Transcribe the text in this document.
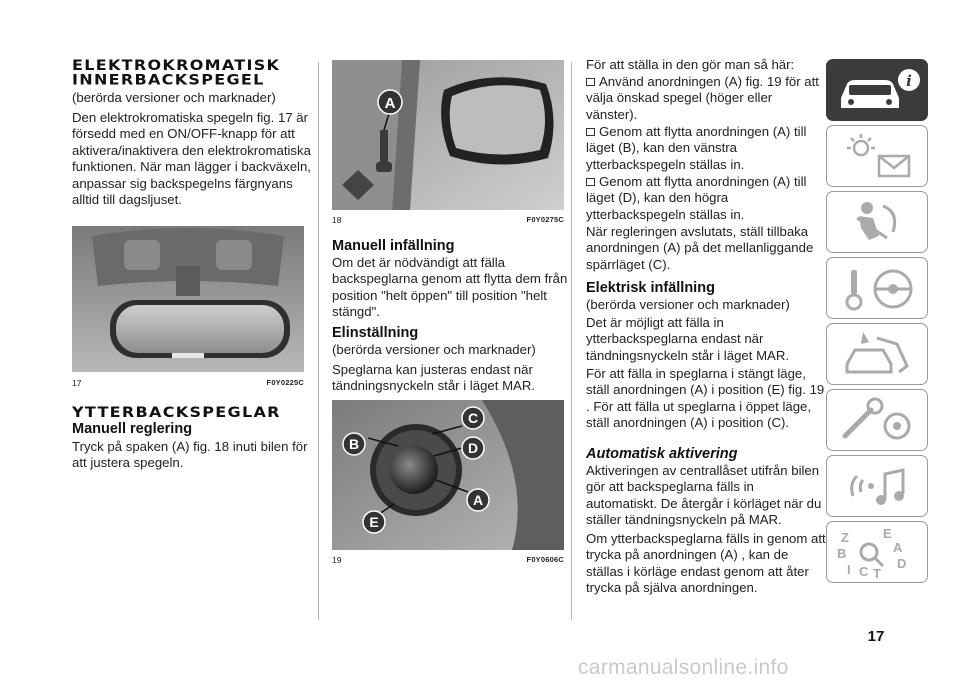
ELEKTROKROMATISK INNERBACKSPEGEL
(berörda versioner och marknader)
Den elektrokromatiska spegeln fig. 17 är försedd med en ON/OFF-knapp för att aktivera/inaktivera den elektrokromatiska funktionen. När man lägger i backväxeln, anpassar sig backspegelns färgnyans alltid till dagsljuset.
17	F0Y0225C
YTTERBACKSPEGLAR
Manuell reglering
Tryck på spaken (A) fig. 18 inuti bilen för att justera spegeln.
A
18	F0Y0275C
Manuell infällning
Om det är nödvändigt att fälla backspeglarna genom att flytta dem från position "helt öppen" till position "helt stängd".
Elinställning
(berörda versioner och marknader)
Speglarna kan justeras endast när tändningsnyckeln står i läget MAR.
B
C
D
A
E
19	F0Y0606C
För att ställa in den gör man så här:
Använd anordningen (A) fig. 19 för att välja önskad spegel (höger eller vänster).
Genom att flytta anordningen (A) till läget (B), kan den vänstra ytterbackspegeln ställas in.
Genom att flytta anordningen (A) till läget (D), kan den högra ytterbackspegeln ställas in.
När regleringen avslutats, ställ tillbaka anordningen (A) på det mellanliggande spärrläget (C).
Elektrisk infällning
(berörda versioner och marknader)
Det är möjligt att fälla in ytterbackspeglarna endast när tändningsnyckeln står i läget MAR.
För att fälla in speglarna i stängt läge, ställ anordningen (A) i position (E) fig. 19 . För att fälla ut speglarna i öppet läge, ställ anordningen (A) i position (C).
Automatisk aktivering
Aktiveringen av centrallåset utifrån bilen gör att backspeglarna fälls in automatiskt. De återgår i körläget när du ställer tändningsnyckeln på MAR.
Om ytterbackspeglarna fälls in genom att trycka på anordningen (A) , kan de ställas i körläge endast genom att åter trycka på själva anordningen.
i
Z	E
A
B
D
I C T
17
carmanualsonline.info
